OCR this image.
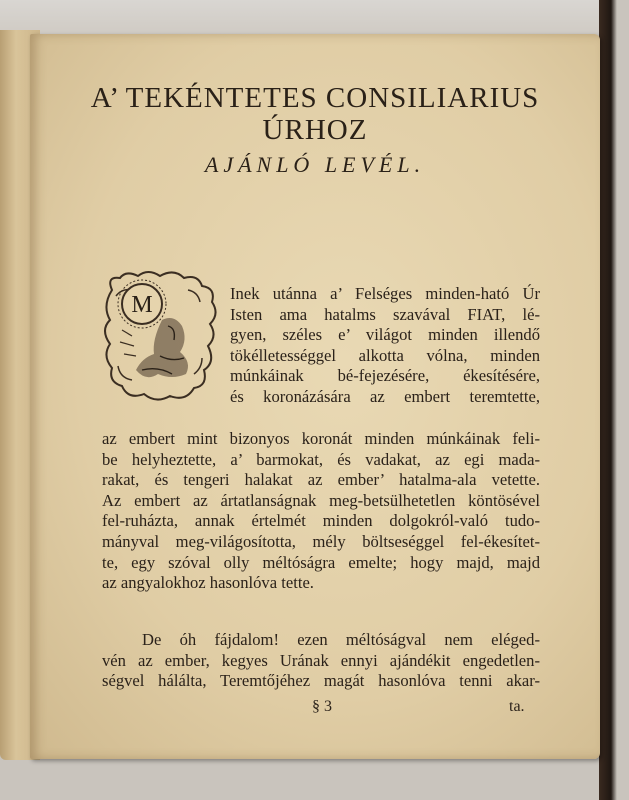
A’ TEKÉNTETES CONSILIARIUS
ÚRHOZ
AJÁNLÓ LEVÉL.
M	Inek utánna a’ Felséges minden-ható Úr
Isten ama hatalms szavával FIAT, lé-
gyen, széles e’ világot minden illendő
tökélletességgel alkotta vólna, minden
múnkáinak bé-fejezésére, ékesítésére,
és koronázására az embert teremtette,
az embert mint bizonyos koronát minden múnkáinak feli-
be helyheztette, a’ barmokat, és vadakat, az egi mada-
rakat, és tengeri halakat az ember’ hatalma-ala vetette.
Az embert az ártatlanságnak meg-betsülhetetlen köntösével
fel-ruházta, annak értelmét minden dolgokról-való tudo-
mányval meg-világosította, mély böltseséggel fel-ékesítet-
te, egy szóval olly méltóságra emelte; hogy majd, majd
az angyalokhoz hasonlóva tette.
De óh fájdalom! ezen méltóságval nem eléged-
vén az ember, kegyes Urának ennyi ajándékit engedetlen-
ségvel hálálta, Teremtőjéhez magát hasonlóva tenni akar-
§ 3	ta.
